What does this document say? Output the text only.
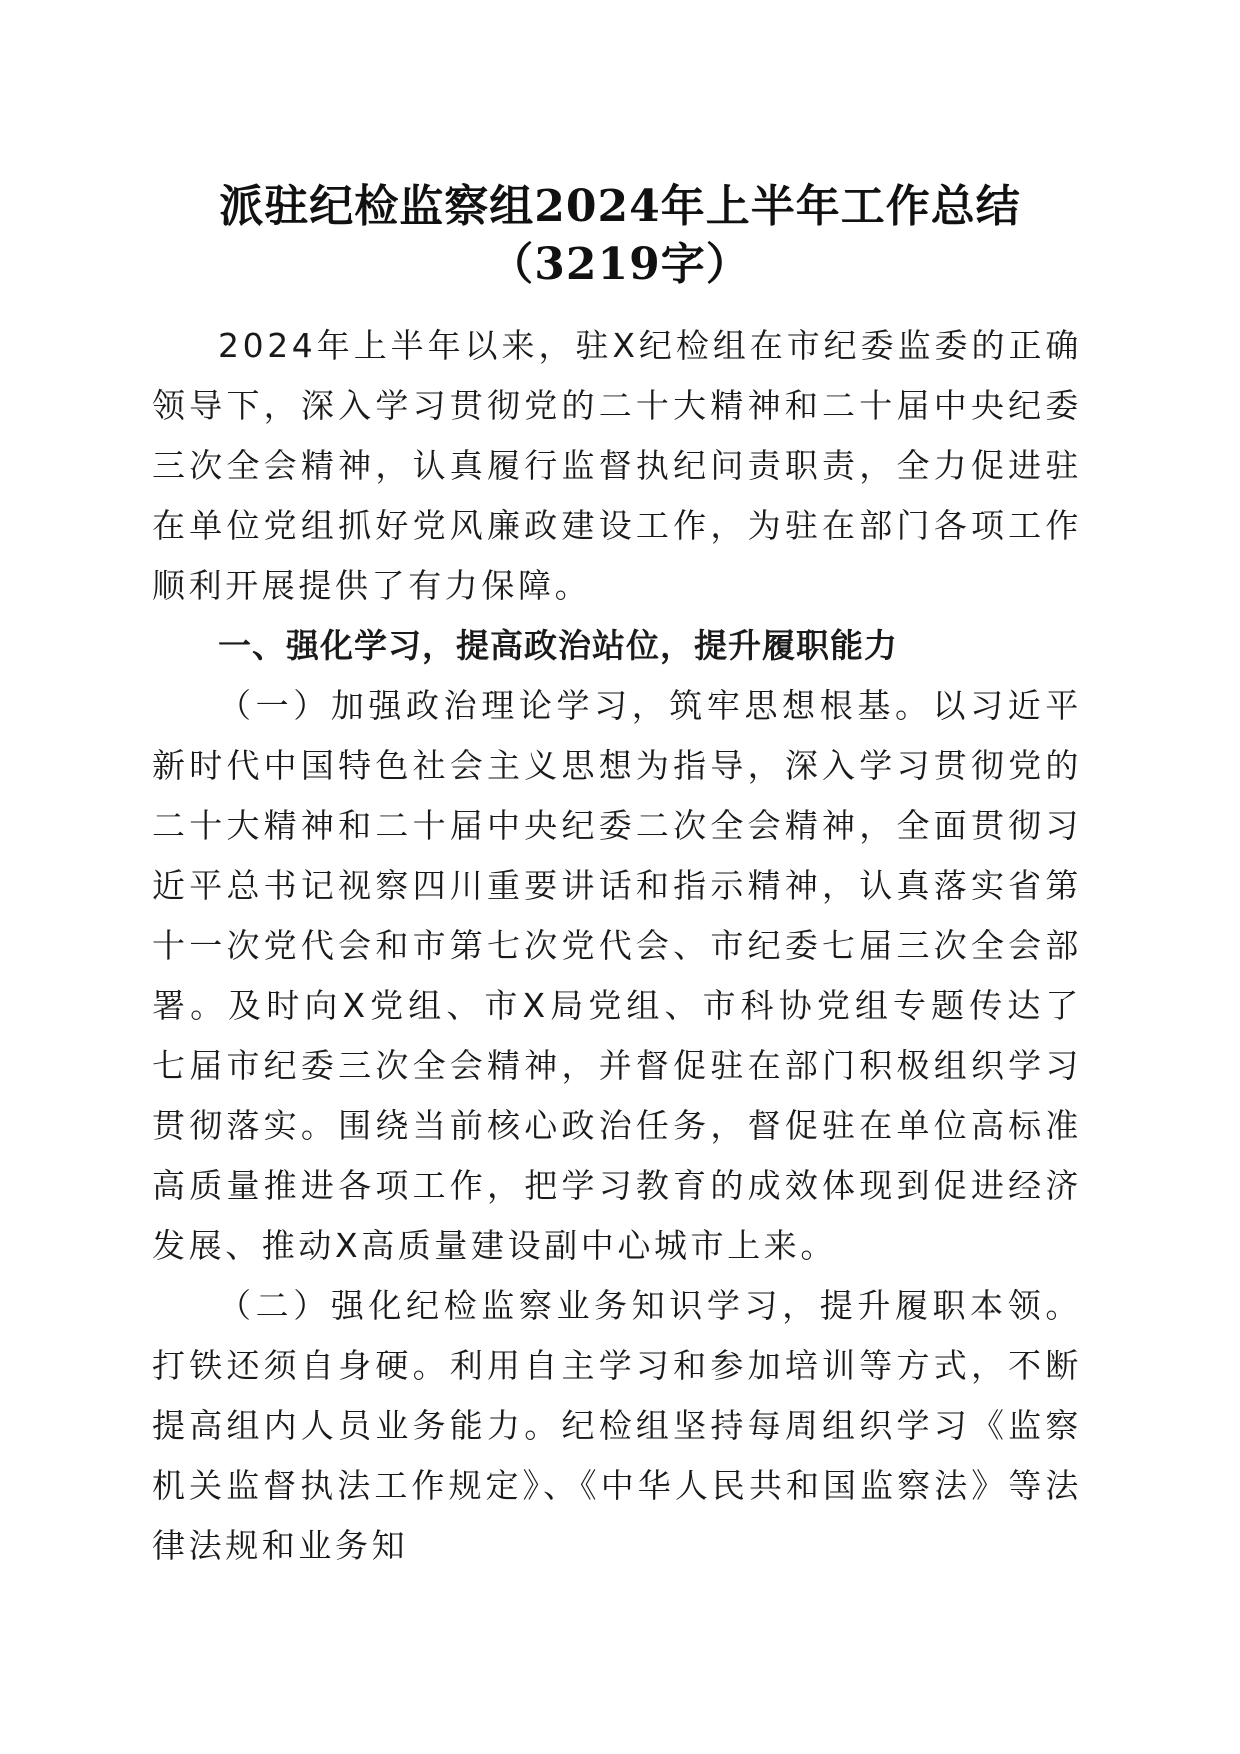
派驻纪检监察组2024年上半年工作总结
（3219字）

2024年上半年以来，驻X纪检组在市纪委监委的正确领导下，深入学习贯彻党的二十大精神和二十届中央纪委三次全会精神，认真履行监督执纪问责职责，全力促进驻在单位党组抓好党风廉政建设工作，为驻在部门各项工作顺利开展提供了有力保障。

一、强化学习，提高政治站位，提升履职能力

（一）加强政治理论学习，筑牢思想根基。以习近平新时代中国特色社会主义思想为指导，深入学习贯彻党的二十大精神和二十届中央纪委二次全会精神，全面贯彻习近平总书记视察四川重要讲话和指示精神，认真落实省第十一次党代会和市第七次党代会、市纪委七届三次全会部署。及时向X党组、市X局党组、市科协党组专题传达了七届市纪委三次全会精神，并督促驻在部门积极组织学习贯彻落实。围绕当前核心政治任务，督促驻在单位高标准高质量推进各项工作，把学习教育的成效体现到促进经济发展、推动X高质量建设副中心城市上来。

（二）强化纪检监察业务知识学习，提升履职本领。打铁还须自身硬。利用自主学习和参加培训等方式，不断提高组内人员业务能力。纪检组坚持每周组织学习《监察机关监督执法工作规定》、《中华人民共和国监察法》等法律法规和业务知
